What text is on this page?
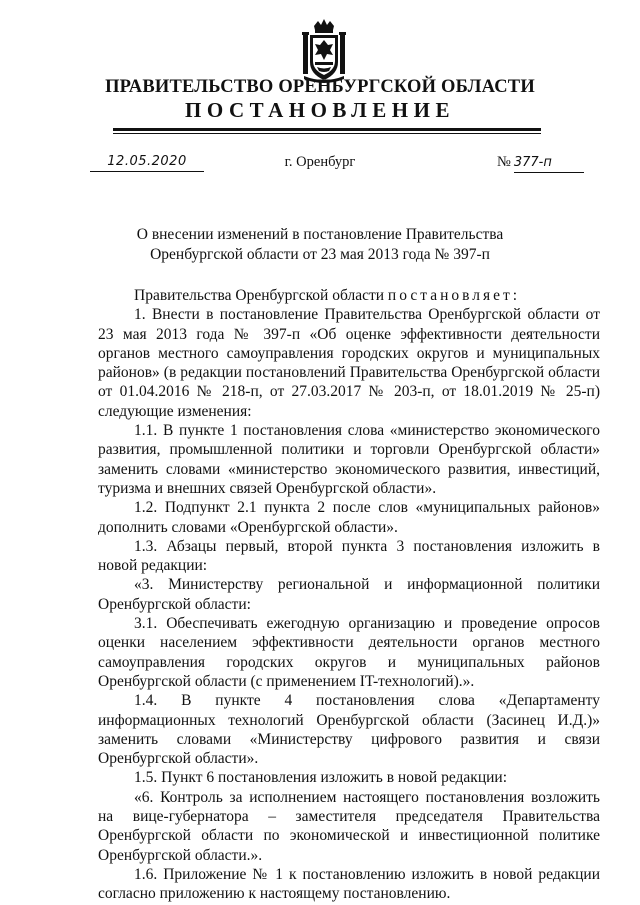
ПРАВИТЕЛЬСТВО ОРЕНБУРГСКОЙ ОБЛАСТИ
ПОСТАНОВЛЕНИЕ
12.05.2020	г. Оренбург	№ 377-п
О внесении изменений в постановление Правительства
Оренбургской области от 23 мая 2013 года № 397-п

Правительства Оренбургской области постановляет:

1. Внести в постановление Правительства Оренбургской области от 23 мая 2013 года № 397-п «Об оценке эффективности деятельности органов местного самоуправления городских округов и муниципальных районов» (в редакции постановлений Правительства Оренбургской области от 01.04.2016 № 218-п, от 27.03.2017 № 203-п, от 18.01.2019 № 25-п) следующие изменения:

1.1. В пункте 1 постановления слова «министерство экономического развития, промышленной политики и торговли Оренбургской области» заменить словами «министерство экономического развития, инвестиций, туризма и внешних связей Оренбургской области».

1.2. Подпункт 2.1 пункта 2 после слов «муниципальных районов» дополнить словами «Оренбургской области».

1.3. Абзацы первый, второй пункта 3 постановления изложить в новой редакции:

«3. Министерству региональной и информационной политики Оренбургской области:

3.1. Обеспечивать ежегодную организацию и проведение опросов оценки населением эффективности деятельности органов местного самоуправления городских округов и муниципальных районов Оренбургской области (с применением IT-технологий).».

1.4. В пункте 4 постановления слова «Департаменту информационных технологий Оренбургской области (Засинец И.Д.)» заменить словами «Министерству цифрового развития и связи Оренбургской области».

1.5. Пункт 6 постановления изложить в новой редакции:

«6. Контроль за исполнением настоящего постановления возложить на вице-губернатора – заместителя председателя Правительства Оренбургской области по экономической и инвестиционной политике Оренбургской области.».

1.6. Приложение № 1 к постановлению изложить в новой редакции согласно приложению к настоящему постановлению.
